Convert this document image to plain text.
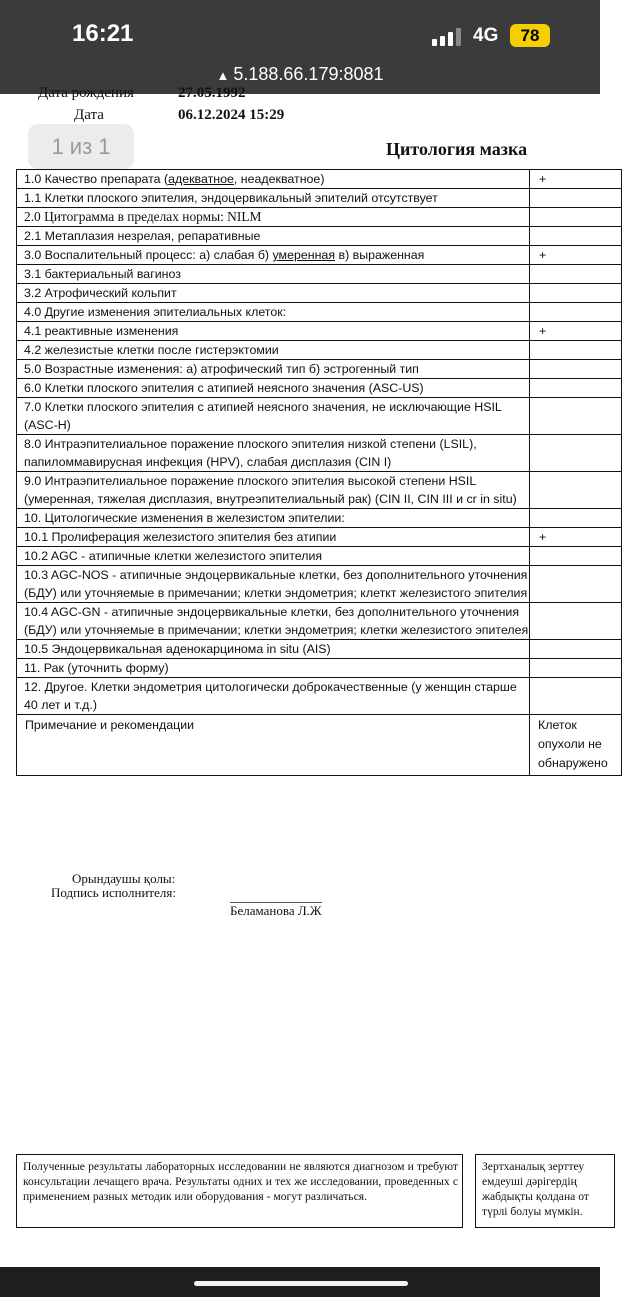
16:21	4G	78
▲ 5.188.66.179:8081
Дата рождения	27.05.1992
Дата	06.12.2024 15:29
1 из 1	Цитология мазка
1.0 Качество препарата (адекватное, неадекватное)	+
1.1 Клетки плоского эпителия, эндоцервикальный эпителий отсутствует	
2.0 Цитограмма в пределах нормы: NILM	
2.1 Метаплазия незрелая, репаративные	
3.0 Воспалительный процесс: а) слабая б) умеренная в) выраженная	+
3.1 бактериальный вагиноз	
3.2 Атрофический кольпит	
4.0 Другие изменения эпителиальных клеток:	
4.1 реактивные изменения	+
4.2 железистые клетки после гистерэктомии	
5.0 Возрастные изменения: а) атрофический тип б) эстрогенный тип	
6.0 Клетки плоского эпителия с атипией неясного значения (ASC-US)	
7.0 Клетки плоского эпителия с атипией неясного значения, не исключающие HSIL (ASC-H)	
8.0 Интраэпителиальное поражение плоского эпителия низкой степени (LSIL), папиломмавирусная инфекция (HPV), слабая дисплазия (CIN I)	
9.0 Интраэпителиальное поражение плоского эпителия высокой степени HSIL (умеренная, тяжелая дисплазия, внутреэпителиальный рак) (CIN II, CIN III и cr in situ)	
10. Цитологические изменения в железистом эпителии:	
10.1 Пролиферация железистого эпителия без атипии	+
10.2 AGC - атипичные клетки железистого эпителия	
10.3 AGC-NOS - атипичные эндоцервикальные клетки, без дополнительного уточнения (БДУ) или уточняемые в примечании; клетки эндометрия; клеткт железистого эпителия	
10.4 AGC-GN - атипичные эндоцервикальные клетки, без дополнительного уточнения (БДУ) или уточняемые в примечании; клетки эндометрия; клетки железистого эпителея	
10.5 Эндоцервикальная аденокарцинома in situ (AIS)	
11. Рак (уточнить форму)	
12. Другое. Клетки эндометрия цитологически доброкачественные (у женщин старше 40 лет и т.д.)	
Примечание и рекомендации	Клеток опухоли не обнаружено
Орындаушы қолы:
Подпись исполнителя:
Беламанова Л.Ж
Полученные результаты лабораторных исследовании не являются диагнозом и требуют консультации лечащего врача. Результаты одних и тех же исследовании, проведенных с применением разных методик или оборудования - могут различаться.
Зертханалық зерттеу
емдеуші дәрігердің
жабдықты қолдана от
түрлі болуы мүмкін.
